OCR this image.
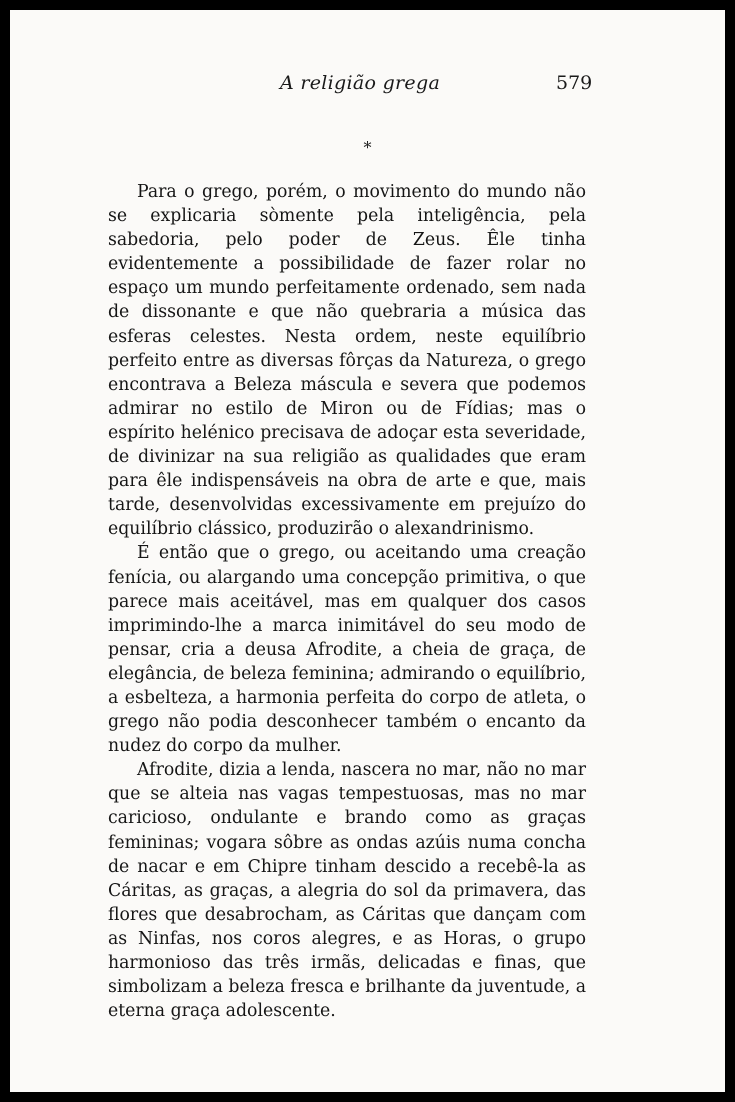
A religião grega	579
*

Para o grego, porém, o movimento do mundo não se explicaria sòmente pela inteligência, pela sabedoria, pelo poder de Zeus. Êle tinha evidentemente a possibilidade de fazer rolar no espaço um mundo perfeitamente ordenado, sem nada de dissonante e que não quebraria a música das esferas celestes. Nesta ordem, neste equilíbrio perfeito entre as diversas fôrças da Natureza, o grego encontrava a Beleza máscula e severa que podemos admirar no estilo de Miron ou de Fídias; mas o espírito helénico precisava de adoçar esta severidade, de divinizar na sua religião as qualidades que eram para êle indispensáveis na obra de arte e que, mais tarde, desenvolvidas excessivamente em prejuízo do equilíbrio clássico, produzirão o alexandrinismo.

É então que o grego, ou aceitando uma creação fenícia, ou alargando uma concepção primitiva, o que parece mais aceitável, mas em qualquer dos casos imprimindo-lhe a marca inimitável do seu modo de pensar, cria a deusa Afrodite, a cheia de graça, de elegância, de beleza feminina; admirando o equilíbrio, a esbelteza, a harmonia perfeita do corpo de atleta, o grego não podia desconhecer também o encanto da nudez do corpo da mulher.

Afrodite, dizia a lenda, nascera no mar, não no mar que se alteia nas vagas tempestuosas, mas no mar caricioso, ondulante e brando como as graças femininas; vogara sôbre as ondas azúis numa concha de nacar e em Chipre tinham descido a recebê-la as Cáritas, as graças, a alegria do sol da primavera, das flores que desabrocham, as Cáritas que dançam com as Ninfas, nos coros alegres, e as Horas, o grupo harmonioso das três irmãs, delicadas e finas, que simbolizam a beleza fresca e brilhante da juventude, a eterna graça adolescente.
